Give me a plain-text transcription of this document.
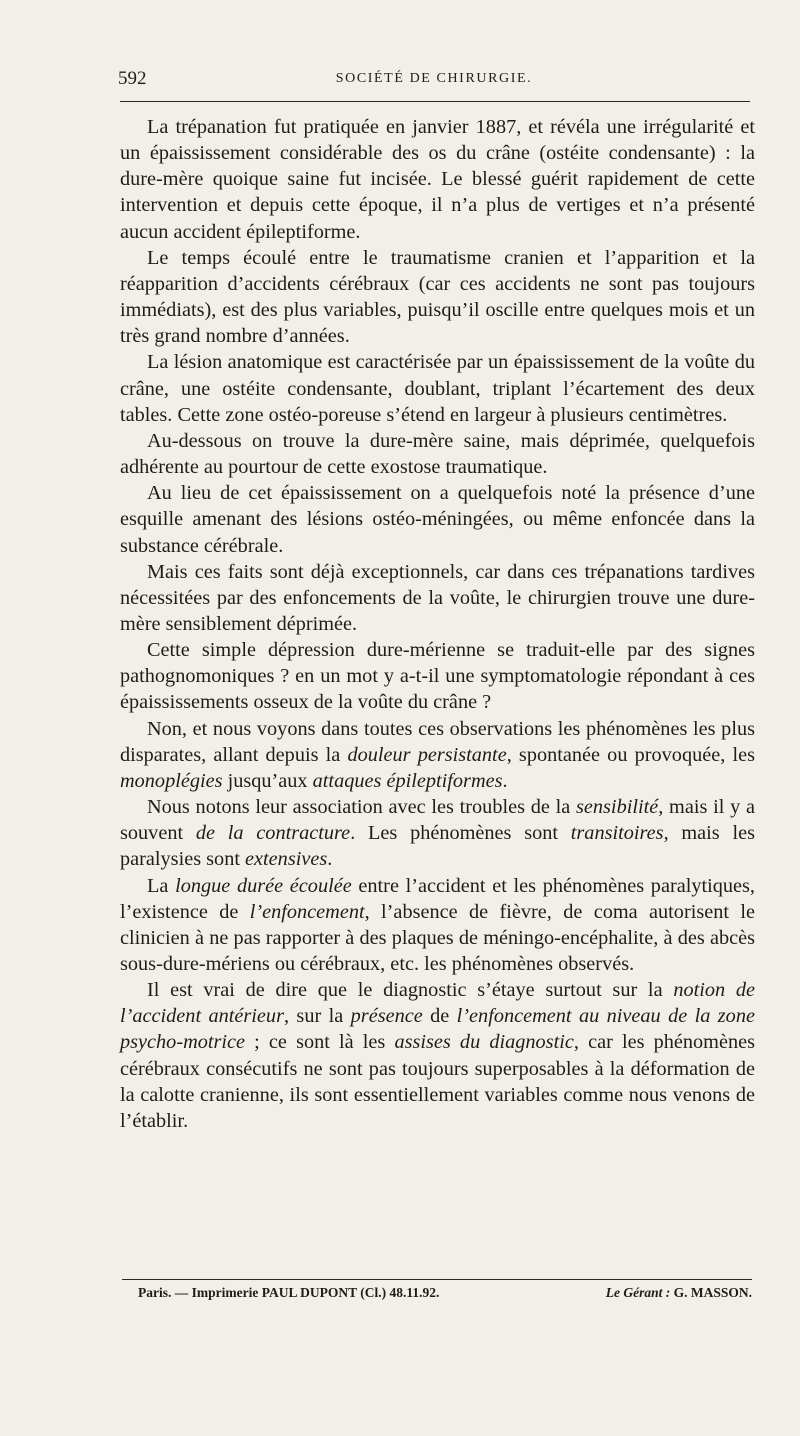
592	SOCIÉTÉ DE CHIRURGIE.

La trépanation fut pratiquée en janvier 1887, et révéla une irrégularité et un épaississement considérable des os du crâne (ostéite condensante) : la dure-mère quoique saine fut incisée. Le blessé guérit rapidement de cette intervention et depuis cette époque, il n’a plus de vertiges et n’a présenté aucun accident épileptiforme.

Le temps écoulé entre le traumatisme cranien et l’apparition et la réapparition d’accidents cérébraux (car ces accidents ne sont pas toujours immédiats), est des plus variables, puisqu’il oscille entre quelques mois et un très grand nombre d’années.

La lésion anatomique est caractérisée par un épaississement de la voûte du crâne, une ostéite condensante, doublant, triplant l’écartement des deux tables. Cette zone ostéo-poreuse s’étend en largeur à plusieurs centimètres.

Au-dessous on trouve la dure-mère saine, mais déprimée, quelquefois adhérente au pourtour de cette exostose traumatique.

Au lieu de cet épaississement on a quelquefois noté la présence d’une esquille amenant des lésions ostéo-méningées, ou même enfoncée dans la substance cérébrale.

Mais ces faits sont déjà exceptionnels, car dans ces trépanations tardives nécessitées par des enfoncements de la voûte, le chirurgien trouve une dure-mère sensiblement déprimée.

Cette simple dépression dure-mérienne se traduit-elle par des signes pathognomoniques ? en un mot y a-t-il une symptomatologie répondant à ces épaississements osseux de la voûte du crâne ?

Non, et nous voyons dans toutes ces observations les phénomènes les plus disparates, allant depuis la douleur persistante, spontanée ou provoquée, les monoplégies jusqu’aux attaques épileptiformes.

Nous notons leur association avec les troubles de la sensibilité, mais il y a souvent de la contracture. Les phénomènes sont transitoires, mais les paralysies sont extensives.

La longue durée écoulée entre l’accident et les phénomènes paralytiques, l’existence de l’enfoncement, l’absence de fièvre, de coma autorisent le clinicien à ne pas rapporter à des plaques de méningo-encéphalite, à des abcès sous-dure-mériens ou cérébraux, etc. les phénomènes observés.

Il est vrai de dire que le diagnostic s’étaye surtout sur la notion de l’accident antérieur, sur la présence de l’enfoncement au niveau de la zone psycho-motrice ; ce sont là les assises du diagnostic, car les phénomènes cérébraux consécutifs ne sont pas toujours superposables à la déformation de la calotte cranienne, ils sont essentiellement variables comme nous venons de l’établir.

Paris. — Imprimerie PAUL DUPONT (Cl.) 48.11.92.	Le Gérant : G. MASSON.
